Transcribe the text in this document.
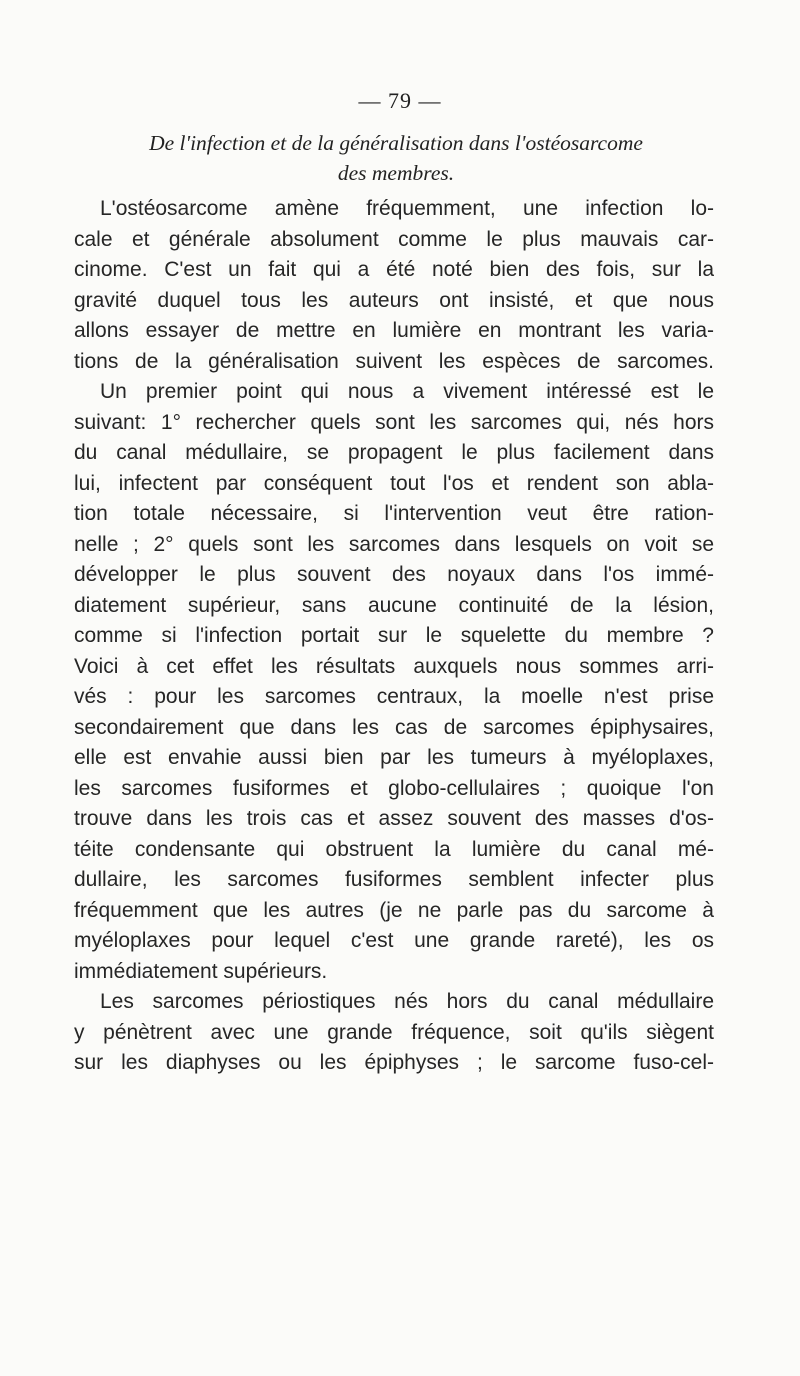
— 79 —
De l'infection et de la généralisation dans l'ostéosarcome
des membres.
L'ostéosarcome amène fréquemment, une infection lo-
cale et générale absolument comme le plus mauvais car-
cinome. C'est un fait qui a été noté bien des fois, sur la
gravité duquel tous les auteurs ont insisté, et que nous
allons essayer de mettre en lumière en montrant les varia-
tions de la généralisation suivent les espèces de sarcomes.
Un premier point qui nous a vivement intéressé est le
suivant: 1° rechercher quels sont les sarcomes qui, nés hors
du canal médullaire, se propagent le plus facilement dans
lui, infectent par conséquent tout l'os et rendent son abla-
tion totale nécessaire, si l'intervention veut être ration-
nelle ; 2° quels sont les sarcomes dans lesquels on voit se
développer le plus souvent des noyaux dans l'os immé-
diatement supérieur, sans aucune continuité de la lésion,
comme si l'infection portait sur le squelette du membre ?
Voici à cet effet les résultats auxquels nous sommes arri-
vés : pour les sarcomes centraux, la moelle n'est prise
secondairement que dans les cas de sarcomes épiphysaires,
elle est envahie aussi bien par les tumeurs à myéloplaxes,
les sarcomes fusiformes et globo-cellulaires ; quoique l'on
trouve dans les trois cas et assez souvent des masses d'os-
téite condensante qui obstruent la lumière du canal mé-
dullaire, les sarcomes fusiformes semblent infecter plus
fréquemment que les autres (je ne parle pas du sarcome à
myéloplaxes pour lequel c'est une grande rareté), les os
immédiatement supérieurs.
Les sarcomes périostiques nés hors du canal médullaire
y pénètrent avec une grande fréquence, soit qu'ils siègent
sur les diaphyses ou les épiphyses ; le sarcome fuso-cel-
